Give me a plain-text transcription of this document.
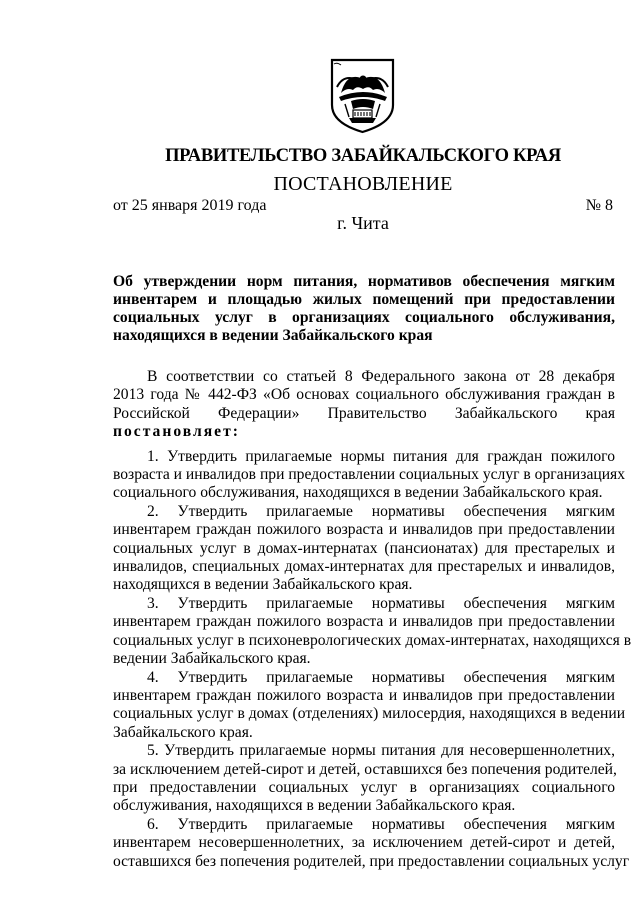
ПРАВИТЕЛЬСТВО ЗАБАЙКАЛЬСКОГО КРАЯ
ПОСТАНОВЛЕНИЕ
от 25 января 2019 года	№ 8
г. Чита
Об утверждении норм питания, нормативов обеспечения мягким
инвентарем и площадью жилых помещений при предоставлении
социальных услуг в организациях социального обслуживания,
находящихся в ведении Забайкальского края
В соответствии со статьей 8 Федерального закона от 28 декабря
2013 года № 442-ФЗ «Об основах социального обслуживания граждан в
Российской Федерации» Правительство Забайкальского края
постановляет:
1. Утвердить прилагаемые нормы питания для граждан пожилого
возраста и инвалидов при предоставлении социальных услуг в организациях
социального обслуживания, находящихся в ведении Забайкальского края.
2. Утвердить прилагаемые нормативы обеспечения мягким
инвентарем граждан пожилого возраста и инвалидов при предоставлении
социальных услуг в домах-интернатах (пансионатах) для престарелых и
инвалидов, специальных домах-интернатах для престарелых и инвалидов,
находящихся в ведении Забайкальского края.
3. Утвердить прилагаемые нормативы обеспечения мягким
инвентарем граждан пожилого возраста и инвалидов при предоставлении
социальных услуг в психоневрологических домах-интернатах, находящихся в
ведении Забайкальского края.
4. Утвердить прилагаемые нормативы обеспечения мягким
инвентарем граждан пожилого возраста и инвалидов при предоставлении
социальных услуг в домах (отделениях) милосердия, находящихся в ведении
Забайкальского края.
5. Утвердить прилагаемые нормы питания для несовершеннолетних,
за исключением детей-сирот и детей, оставшихся без попечения родителей,
при предоставлении социальных услуг в организациях социального
обслуживания, находящихся в ведении Забайкальского края.
6. Утвердить прилагаемые нормативы обеспечения мягким
инвентарем несовершеннолетних, за исключением детей-сирот и детей,
оставшихся без попечения родителей, при предоставлении социальных услуг
